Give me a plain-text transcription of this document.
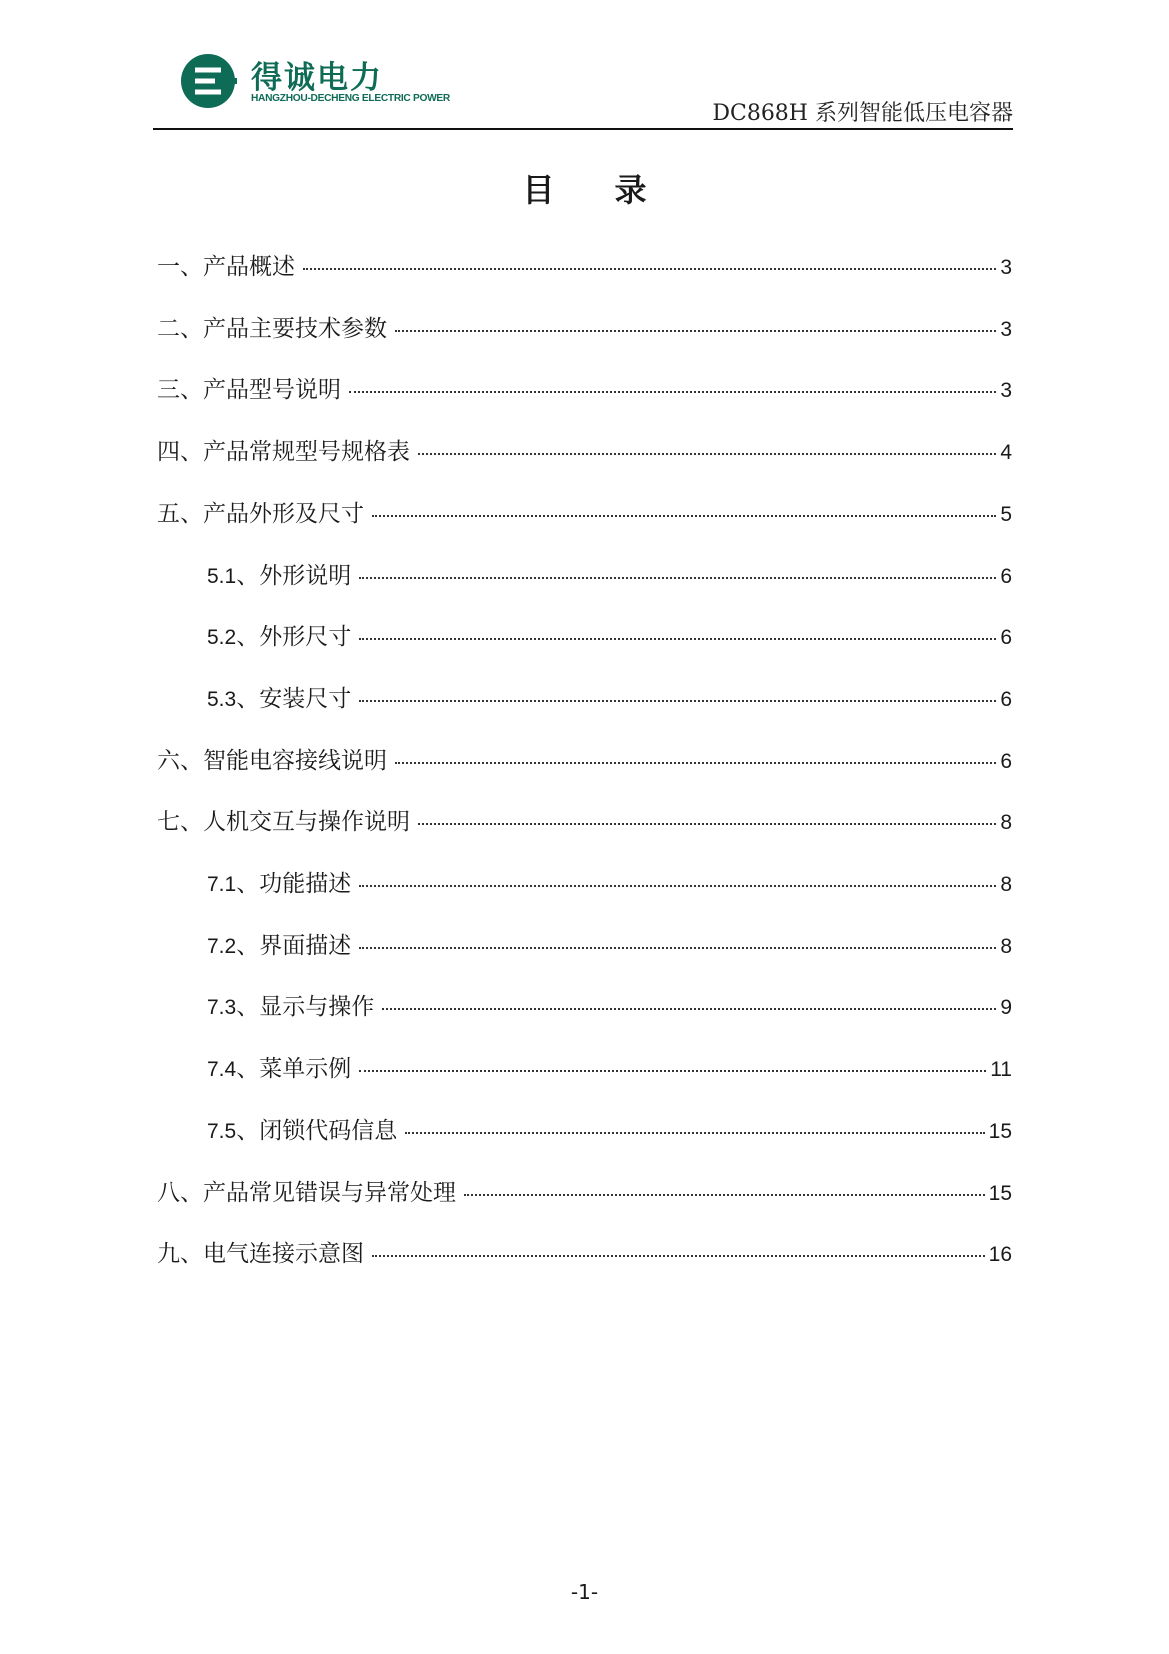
得诚电力
HANGZHOU-DECHENG ELECTRIC POWER
DC868H 系列智能低压电容器
目 录
一、产品概述	3
二、产品主要技术参数	3
三、产品型号说明	3
四、产品常规型号规格表	4
五、产品外形及尺寸	5
5.1、外形说明	6
5.2、外形尺寸	6
5.3、安装尺寸	6
六、智能电容接线说明	6
七、人机交互与操作说明	8
7.1、功能描述	8
7.2、界面描述	8
7.3、显示与操作	9
7.4、菜单示例	11
7.5、闭锁代码信息	15
八、产品常见错误与异常处理	15
九、电气连接示意图	16
-1-
